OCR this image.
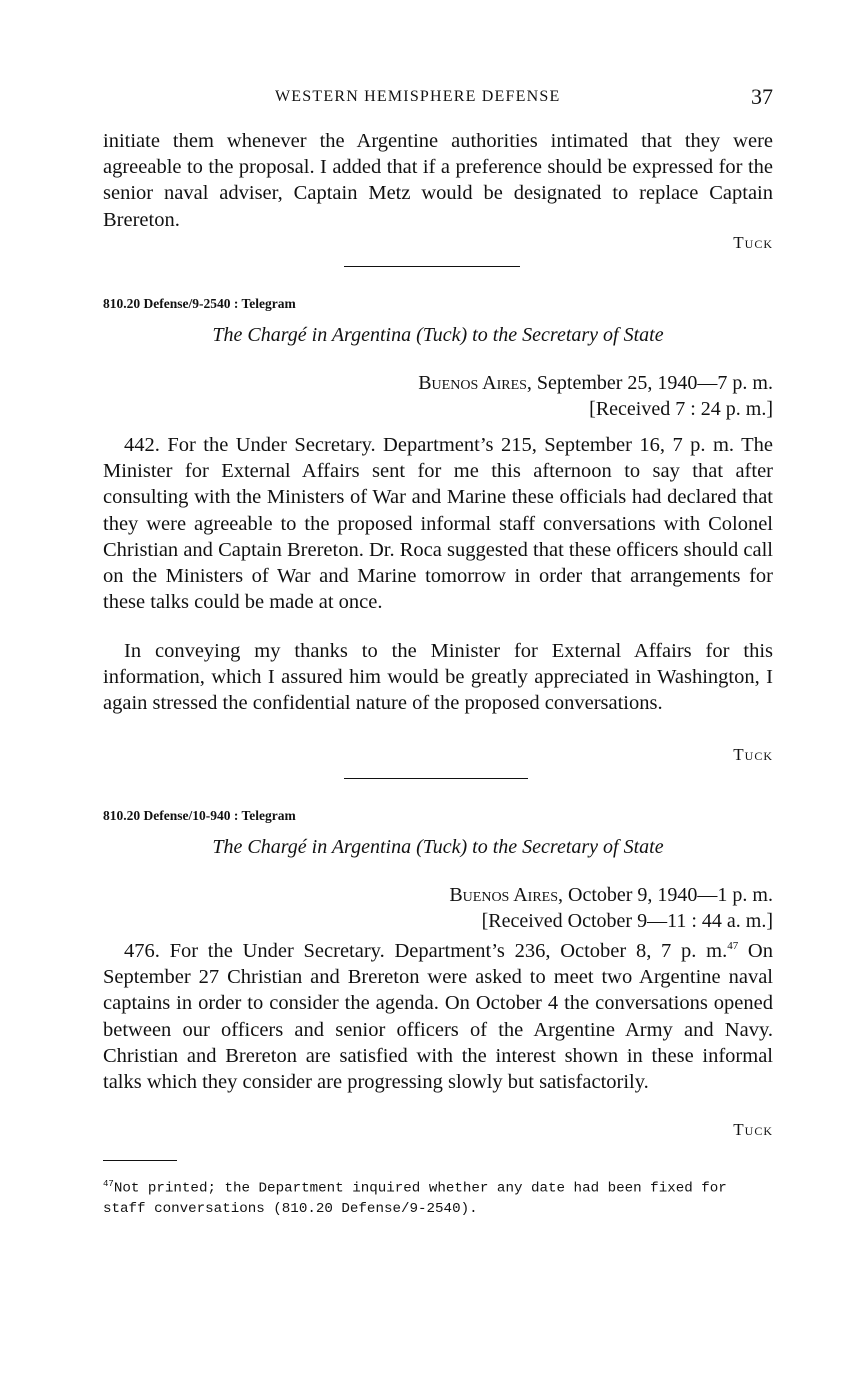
WESTERN HEMISPHERE DEFENSE	37

initiate them whenever the Argentine authorities intimated that they were agreeable to the proposal. I added that if a preference should be expressed for the senior naval adviser, Captain Metz would be designated to replace Captain Brereton.

Tuck
810.20 Defense/9-2540 : Telegram
The Chargé in Argentina (Tuck) to the Secretary of State
Buenos Aires, September 25, 1940—7 p. m.
[Received 7 : 24 p. m.]

442. For the Under Secretary. Department’s 215, September 16, 7 p. m. The Minister for External Affairs sent for me this afternoon to say that after consulting with the Ministers of War and Marine these officials had declared that they were agreeable to the proposed informal staff conversations with Colonel Christian and Captain Brereton. Dr. Roca suggested that these officers should call on the Ministers of War and Marine tomorrow in order that arrangements for these talks could be made at once.

In conveying my thanks to the Minister for External Affairs for this information, which I assured him would be greatly appreciated in Washington, I again stressed the confidential nature of the proposed conversations.

Tuck
810.20 Defense/10-940 : Telegram
The Chargé in Argentina (Tuck) to the Secretary of State
Buenos Aires, October 9, 1940—1 p. m.
[Received October 9—11 : 44 a. m.]

476. For the Under Secretary. Department’s 236, October 8, 7 p. m.$^{47}$ On September 27 Christian and Brereton were asked to meet two Argentine naval captains in order to consider the agenda. On October 4 the conversations opened between our officers and senior officers of the Argentine Army and Navy. Christian and Brereton are satisfied with the interest shown in these informal talks which they consider are progressing slowly but satisfactorily.

Tuck

$^{47}$Not printed; the Department inquired whether any date had been fixed for staff conversations (810.20 Defense/9-2540).
